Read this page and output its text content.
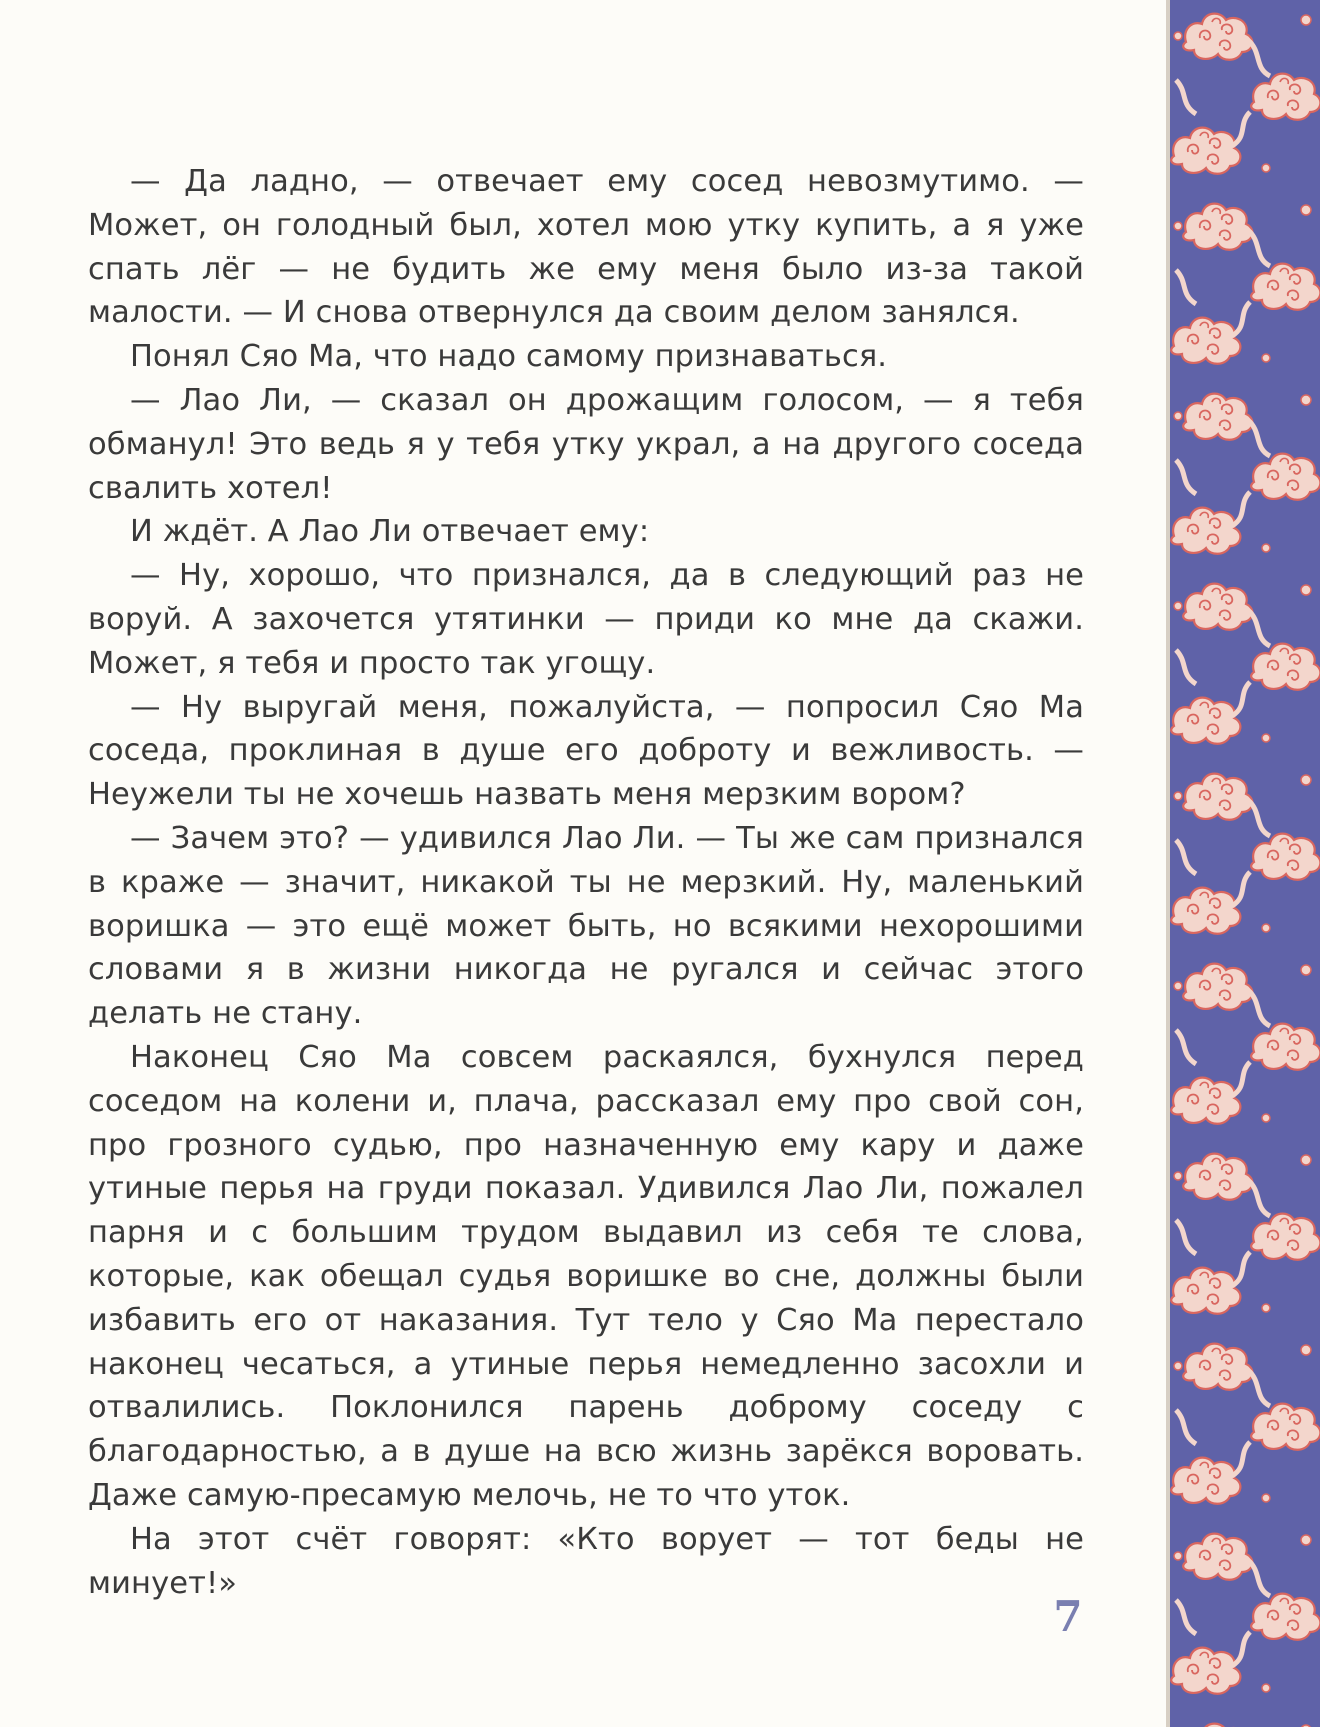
— Да ладно, — отвечает ему сосед невозмутимо. — Может, он голодный был, хотел мою утку купить, а я уже спать лёг — не будить же ему меня было из-за такой малости. — И снова отвернулся да своим делом занялся.

Понял Сяо Ма, что надо самому признаваться.

— Лао Ли, — сказал он дрожащим голосом, — я тебя обманул! Это ведь я у тебя утку украл, а на другого соседа свалить хотел!

И ждёт. А Лао Ли отвечает ему:

— Ну, хорошо, что признался, да в следующий раз не воруй. А захочется утятинки — приди ко мне да скажи. Может, я тебя и просто так угощу.

— Ну выругай меня, пожалуйста, — попросил Сяо Ма соседа, проклиная в душе его доброту и вежливость. — Неужели ты не хочешь назвать меня мерзким вором?

— Зачем это? — удивился Лао Ли. — Ты же сам признался в краже — значит, никакой ты не мерзкий. Ну, маленький воришка — это ещё может быть, но всякими нехорошими словами я в жизни никогда не ругался и сейчас этого делать не стану.

Наконец Сяо Ма совсем раскаялся, бухнулся перед соседом на колени и, плача, рассказал ему про свой сон, про грозного судью, про назначенную ему кару и даже утиные перья на груди показал. Удивился Лао Ли, пожалел парня и с большим трудом выдавил из себя те слова, которые, как обещал судья воришке во сне, должны были избавить его от наказания. Тут тело у Сяо Ма перестало наконец чесаться, а утиные перья немедленно засохли и отвалились. Поклонился парень доброму соседу с благодарностью, а в душе на всю жизнь зарёкся воровать. Даже самую-пресамую мелочь, не то что уток.

На этот счёт говорят: «Кто ворует — тот беды не минует!»

7
